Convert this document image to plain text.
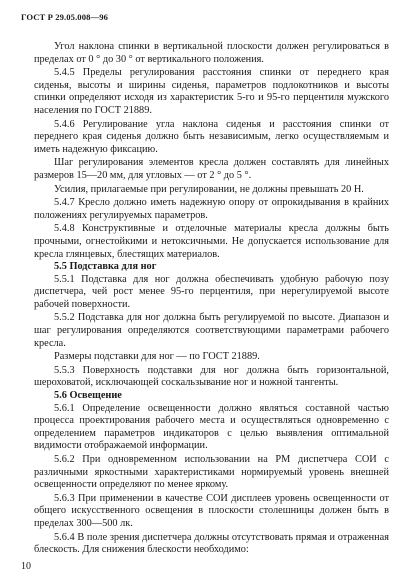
ГОСТ Р 29.05.008—96

Угол наклона спинки в вертикальной плоскости должен регулироваться в пределах от 0 ° до 30 ° от вертикального положения.

5.4.5 Пределы регулирования расстояния спинки от переднего края сиденья, высоты и ширины сиденья, параметров подлокотников и высоты спинки определяют исходя из характеристик 5-го и 95-го перцентиля мужского населения по ГОСТ 21889.

5.4.6 Регулирование угла наклона сиденья и расстояния спинки от переднего края сиденья должно быть независимым, легко осуществляемым и иметь надежную фиксацию.

Шаг регулирования элементов кресла должен составлять для линейных размеров 15—20 мм, для угловых — от 2 ° до 5 °.

Усилия, прилагаемые при регулировании, не должны превышать 20 Н.

5.4.7 Кресло должно иметь надежную опору от опрокидывания в крайних положениях регулируемых параметров.

5.4.8 Конструктивные и отделочные материалы кресла должны быть прочными, огнестойкими и нетоксичными. Не допускается использование для кресла глянцевых, блестящих материалов.

5.5 Подставка для ног

5.5.1 Подставка для ног должна обеспечивать удобную рабочую позу диспетчера, чей рост менее 95-го перцентиля, при нерегулируемой высоте рабочей поверхности.

5.5.2 Подставка для ног должна быть регулируемой по высоте. Диапазон и шаг регулирования определяются соответствующими параметрами рабочего кресла.

Размеры подставки для ног — по ГОСТ 21889.

5.5.3 Поверхность подставки для ног должна быть горизонтальной, шероховатой, исключающей соскальзывание ног и ножной тангенты.

5.6 Освещение

5.6.1 Определение освещенности должно являться составной частью процесса проектирования рабочего места и осуществляться одновременно с определением параметров индикаторов с целью выявления оптимальной видимости отображаемой информации.

5.6.2 При одновременном использовании на РМ диспетчера СОИ с различными яркостными характеристиками нормируемый уровень внешней освещенности определяют по менее яркому.

5.6.3 При применении в качестве СОИ дисплеев уровень освещенности от общего искусственного освещения в плоскости столешницы должен быть в пределах 300—500 лк.

5.6.4 В поле зрения диспетчера должны отсутствовать прямая и отраженная блескость. Для снижения блескости необходимо:

10
